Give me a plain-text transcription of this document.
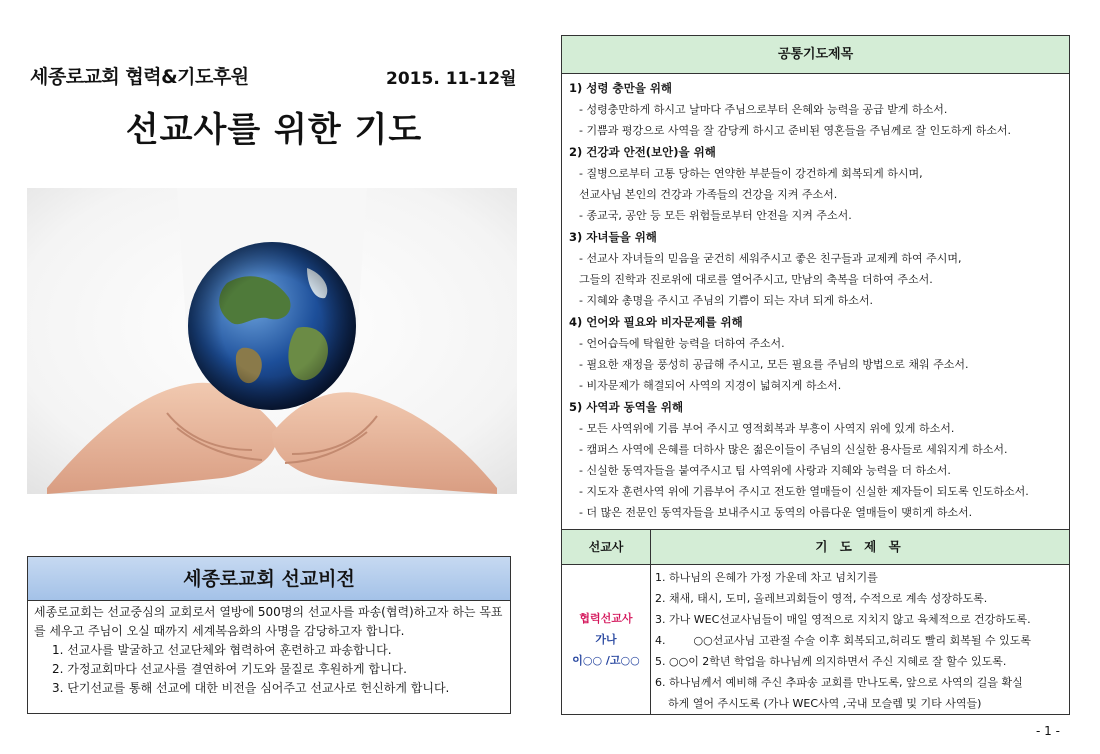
세종로교회 협력&기도후원	2015. 11-12월
선교사를 위한 기도
세종로교회 선교비전

세종로교회는 선교중심의 교회로서 열방에 500명의 선교사를 파송(협력)하고자 하는 목표를 세우고 주님이 오실 때까지 세계복음화의 사명을 감당하고자 합니다.

1. 선교사를 발굴하고 선교단체와 협력하여 훈련하고 파송합니다.
2. 가정교회마다 선교사를 결연하여 기도와 물질로 후원하게 합니다.
3. 단기선교를 통해 선교에 대한 비전을 심어주고 선교사로 헌신하게 합니다.
공통기도제목
1) 성령 충만을 위해
- 성령충만하게 하시고 날마다 주님으로부터 은혜와 능력을 공급 받게 하소서.
- 기쁨과 평강으로 사역을 잘 감당케 하시고 준비된 영혼들을 주님께로 잘 인도하게 하소서.
2) 건강과 안전(보안)을 위해
- 질병으로부터 고통 당하는 연약한 부분들이 강건하게 회복되게 하시며,
선교사님 본인의 건강과 가족들의 건강을 지켜 주소서.
- 종교국, 공안 등 모든 위험들로부터 안전을 지켜 주소서.
3) 자녀들을 위해
- 선교사 자녀들의 믿음을 굳건히 세워주시고 좋은 친구들과 교제케 하여 주시며,
그들의 진학과 진로위에 대로를 열어주시고, 만남의 축복을 더하여 주소서.
- 지혜와 총명을 주시고 주님의 기쁨이 되는 자녀 되게 하소서.
4) 언어와 필요와 비자문제를 위해
- 언어습득에 탁월한 능력을 더하여 주소서.
- 필요한 재정을 풍성히 공급해 주시고, 모든 필요를 주님의 방법으로 채워 주소서.
- 비자문제가 해결되어 사역의 지경이 넓혀지게 하소서.
5) 사역과 동역을 위해
- 모든 사역위에 기름 부어 주시고 영적회복과 부흥이 사역지 위에 있게 하소서.
- 캠퍼스 사역에 은혜를 더하사 많은 젊은이들이 주님의 신실한 용사들로 세워지게 하소서.
- 신실한 동역자들을 붙여주시고 팀 사역위에 사랑과 지혜와 능력을 더 하소서.
- 지도자 훈련사역 위에 기름부어 주시고 전도한 열매들이 신실한 제자들이 되도록 인도하소서.
- 더 많은 전문인 동역자들을 보내주시고 동역의 아름다운 열매들이 맺히게 하소서.
선교사	기 도 제 목
협력선교사
가나
이○○ /고○○
1. 하나님의 은혜가 가정 가운데 차고 넘치기를
2. 채새, 태시, 도미, 올레브괴회들이 영적, 수적으로 계속 성장하도록.
3. 가나 WEC선교사님들이 매일 영적으로 지치지 않고 육체적으로 건강하도록.
4.        ○○선교사님 고관절 수술 이후 회복되고,허리도 빨리 회복될 수 있도록
5. ○○이 2학년 학업을 하나님께 의지하면서 주신 지혜로 잘 할수 있도록.
6. 하나님께서 예비해 주신 추파송 교회를 만나도록, 앞으로 사역의 길을 확실
하게 열어 주시도록 (가나 WEC사역 ,국내 모슬렘 및 기타 사역들)
- 1 -
